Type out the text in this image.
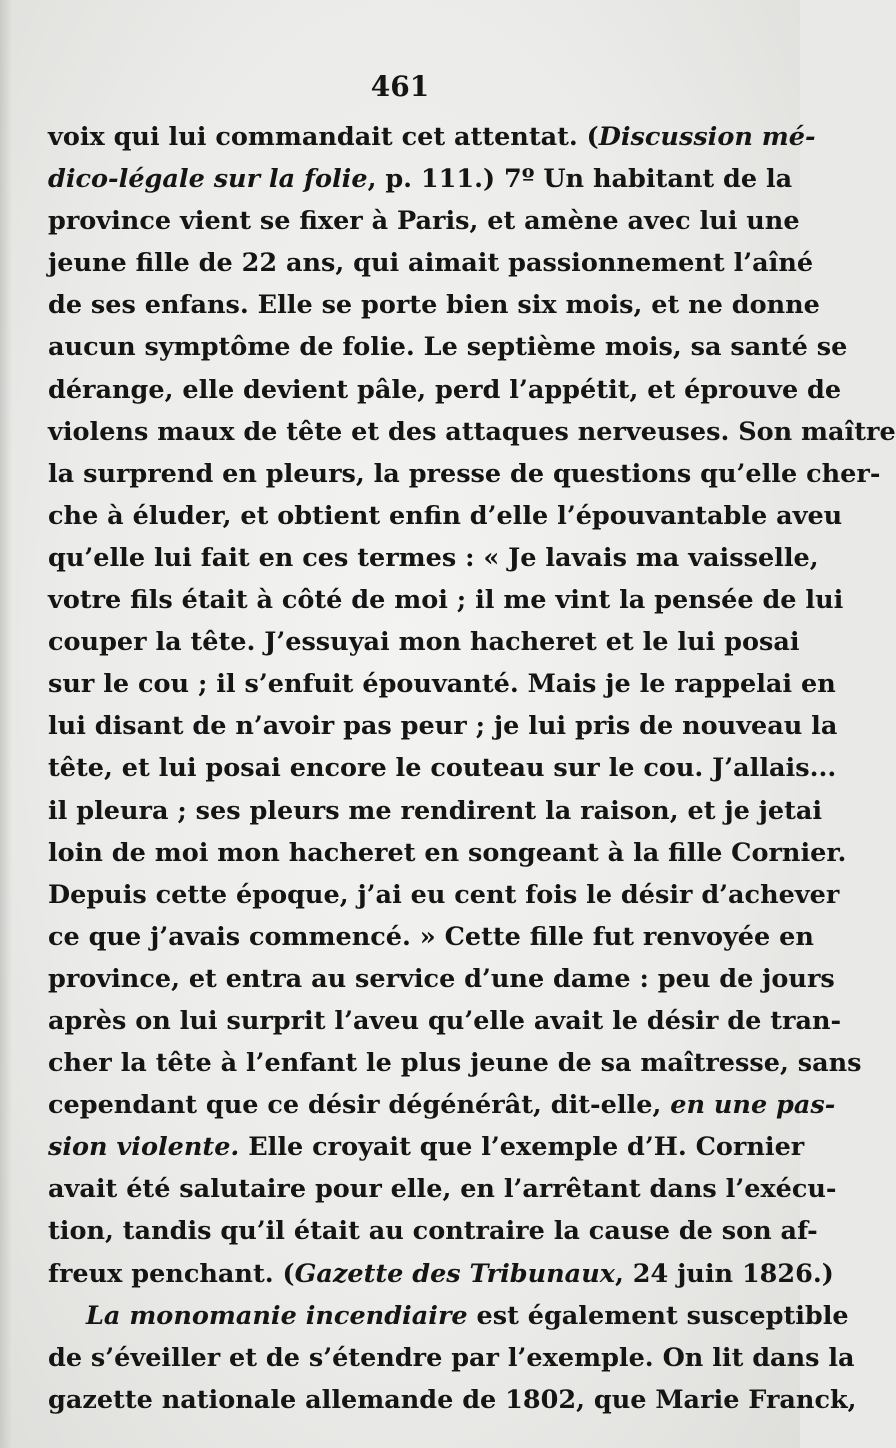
461
voix qui lui commandait cet attentat. (Discussion mé-
dico-légale sur la folie, p. 111.) 7º Un habitant de la
province vient se fixer à Paris, et amène avec lui une
jeune fille de 22 ans, qui aimait passionnement l’aîné
de ses enfans. Elle se porte bien six mois, et ne donne
aucun symptôme de folie. Le septième mois, sa santé se
dérange, elle devient pâle, perd l’appétit, et éprouve de
violens maux de tête et des attaques nerveuses. Son maître
la surprend en pleurs, la presse de questions qu’elle cher-
che à éluder, et obtient enfin d’elle l’épouvantable aveu
qu’elle lui fait en ces termes : « Je lavais ma vaisselle,
votre fils était à côté de moi ; il me vint la pensée de lui
couper la tête. J’essuyai mon hacheret et le lui posai
sur le cou ; il s’enfuit épouvanté. Mais je le rappelai en
lui disant de n’avoir pas peur ; je lui pris de nouveau la
tête, et lui posai encore le couteau sur le cou. J’allais...
il pleura ; ses pleurs me rendirent la raison, et je jetai
loin de moi mon hacheret en songeant à la fille Cornier.
Depuis cette époque, j’ai eu cent fois le désir d’achever
ce que j’avais commencé. » Cette fille fut renvoyée en
province, et entra au service d’une dame : peu de jours
après on lui surprit l’aveu qu’elle avait le désir de tran-
cher la tête à l’enfant le plus jeune de sa maîtresse, sans
cependant que ce désir dégénérât, dit-elle, en une pas-
sion violente. Elle croyait que l’exemple d’H. Cornier
avait été salutaire pour elle, en l’arrêtant dans l’exécu-
tion, tandis qu’il était au contraire la cause de son af-
freux penchant. (Gazette des Tribunaux, 24 juin 1826.)
La monomanie incendiaire est également susceptible
de s’éveiller et de s’étendre par l’exemple. On lit dans la
gazette nationale allemande de 1802, que Marie Franck,
